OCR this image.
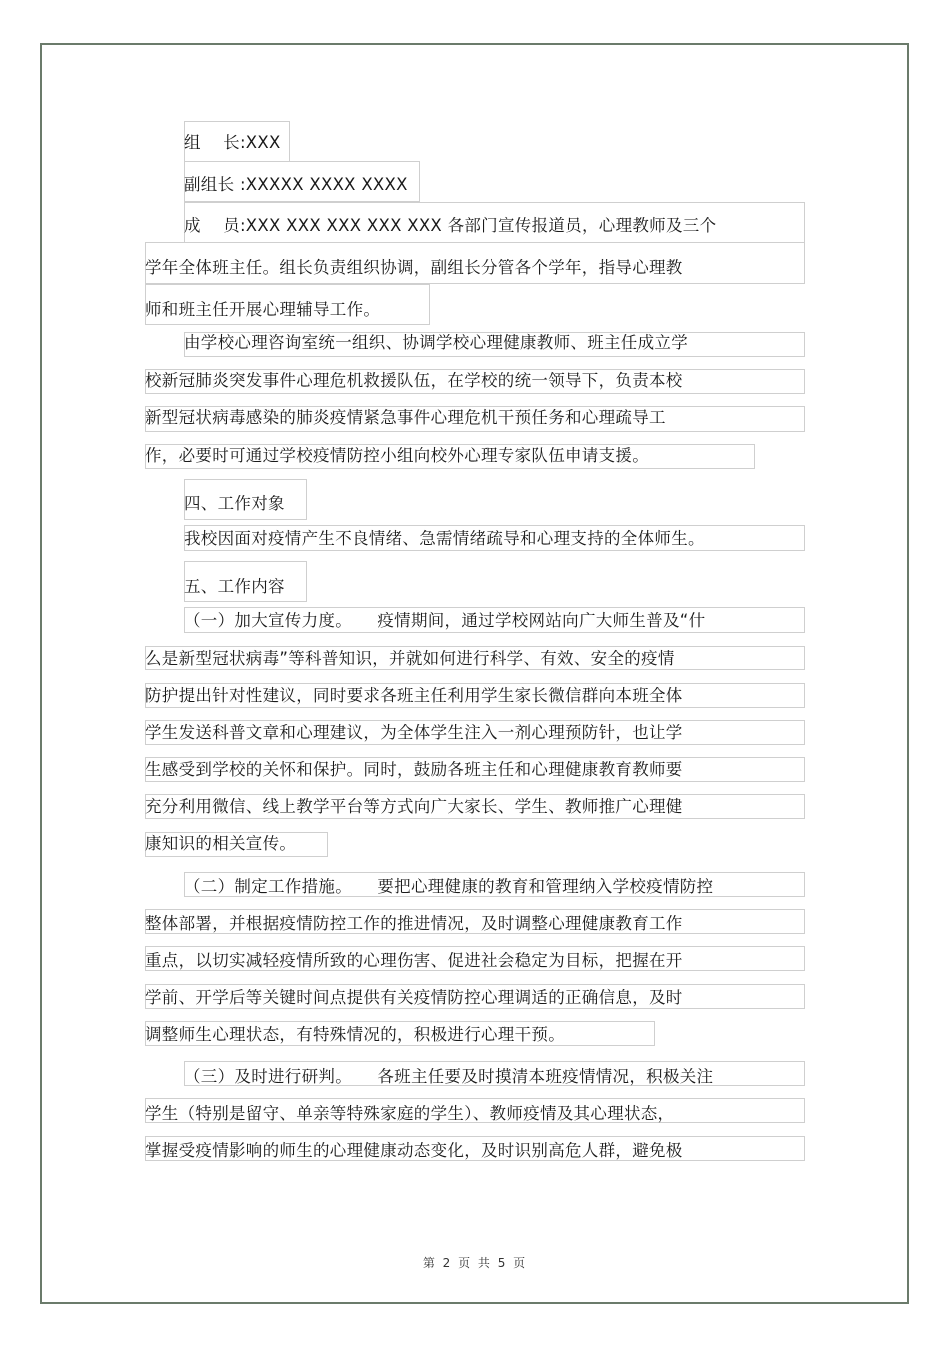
组　 长:XXX
副组长 :XXXXX XXXX XXXX
成　 员:XXX XXX XXX XXX XXX 各部门宣传报道员，心理教师及三个
学年全体班主任。组长负责组织协调，副组长分管各个学年，指导心理教
师和班主任开展心理辅导工作。
由学校心理咨询室统一组织、协调学校心理健康教师、班主任成立学
校新冠肺炎突发事件心理危机救援队伍，在学校的统一领导下，负责本校
新型冠状病毒感染的肺炎疫情紧急事件心理危机干预任务和心理疏导工
作，必要时可通过学校疫情防控小组向校外心理专家队伍申请支援。
四、工作对象
我校因面对疫情产生不良情绪、急需情绪疏导和心理支持的全体师生。
五、工作内容
（一）加大宣传力度。　　疫情期间，通过学校网站向广大师生普及“什
么是新型冠状病毒”等科普知识，并就如何进行科学、有效、安全的疫情
防护提出针对性建议，同时要求各班主任利用学生家长微信群向本班全体
学生发送科普文章和心理建议，为全体学生注入一剂心理预防针，也让学
生感受到学校的关怀和保护。同时，鼓励各班主任和心理健康教育教师要
充分利用微信、线上教学平台等方式向广大家长、学生、教师推广心理健
康知识的相关宣传。
（二）制定工作措施。　　要把心理健康的教育和管理纳入学校疫情防控
整体部署，并根据疫情防控工作的推进情况，及时调整心理健康教育工作
重点，以切实减轻疫情所致的心理伤害、促进社会稳定为目标，把握在开
学前、开学后等关键时间点提供有关疫情防控心理调适的正确信息，及时
调整师生心理状态，有特殊情况的，积极进行心理干预。
（三）及时进行研判。　　各班主任要及时摸清本班疫情情况，积极关注
学生（特别是留守、单亲等特殊家庭的学生）、教师疫情及其心理状态，
掌握受疫情影响的师生的心理健康动态变化，及时识别高危人群，避免极
第 2 页 共 5 页
